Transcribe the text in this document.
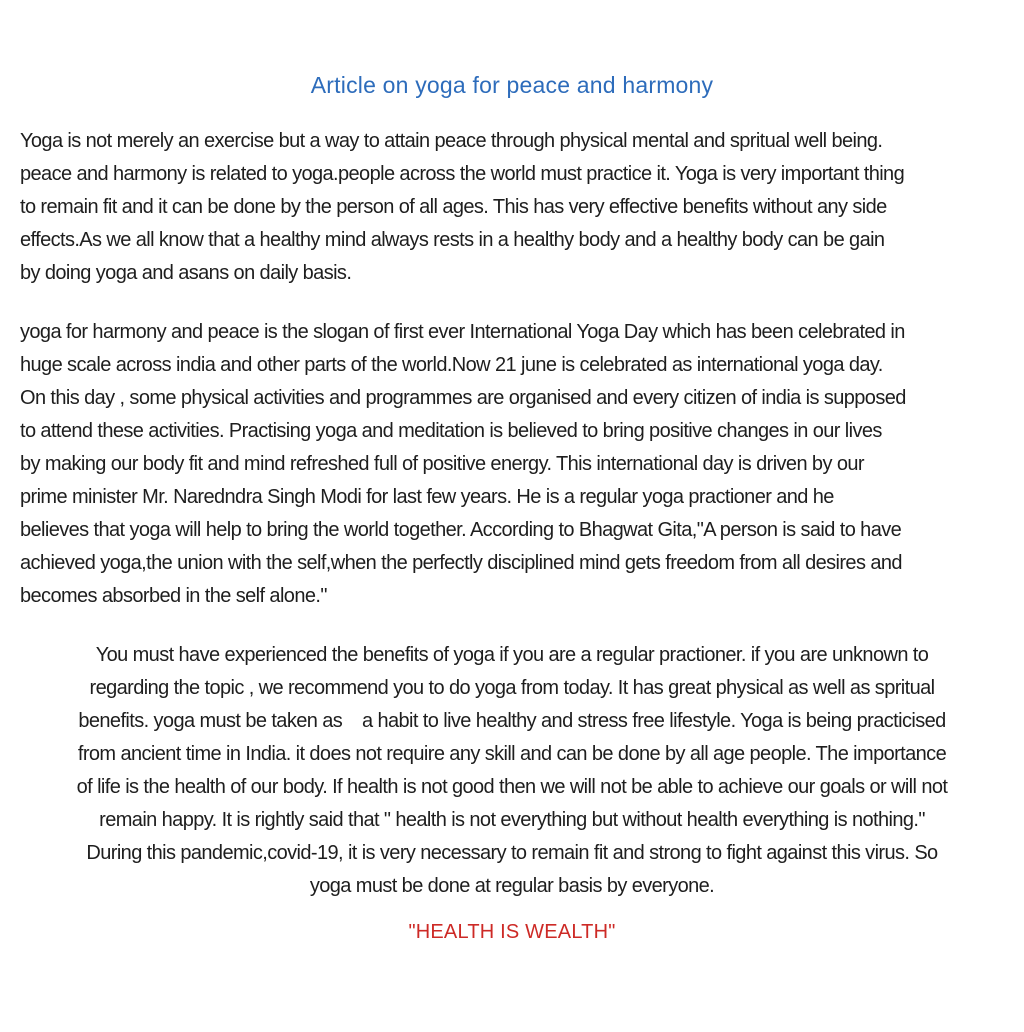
Article on yoga for peace and harmony

Yoga is not merely an exercise but a way to attain peace through physical mental and spritual well being.
peace and harmony is related to yoga.people across the world must practice it. Yoga is very important thing
to remain fit and it can be done by the person of all ages. This has very effective benefits without any side
effects.As we all know that a healthy mind always rests in a healthy body and a healthy body can be gain
by doing yoga and asans on daily basis.

yoga for harmony and peace is the slogan of first ever International Yoga Day which has been celebrated in
huge scale across india and other parts of the world.Now 21 june is celebrated as international yoga day.
On this day , some physical activities and programmes are organised and every citizen of india is supposed
to attend these activities. Practising yoga and meditation is believed to bring positive changes in our lives
by making our body fit and mind refreshed full of positive energy. This international day is driven by our
prime minister Mr. Naredndra Singh Modi for last few years. He is a regular yoga practioner and he
believes that yoga will help to bring the world together. According to Bhagwat Gita,"A person is said to have
achieved yoga,the union with the self,when the perfectly disciplined mind gets freedom from all desires and
becomes absorbed in the self alone."

You must have experienced the benefits of yoga if you are a regular practioner. if you are unknown to
regarding the topic , we recommend you to do yoga from today. It has great physical as well as spritual
benefits. yoga must be taken as    a habit to live healthy and stress free lifestyle. Yoga is being practicised
from ancient time in India. it does not require any skill and can be done by all age people. The importance
of life is the health of our body. If health is not good then we will not be able to achieve our goals or will not
remain happy. It is rightly said that " health is not everything but without health everything is nothing."
During this pandemic,covid-19, it is very necessary to remain fit and strong to fight against this virus. So
yoga must be done at regular basis by everyone.

"HEALTH IS WEALTH"
